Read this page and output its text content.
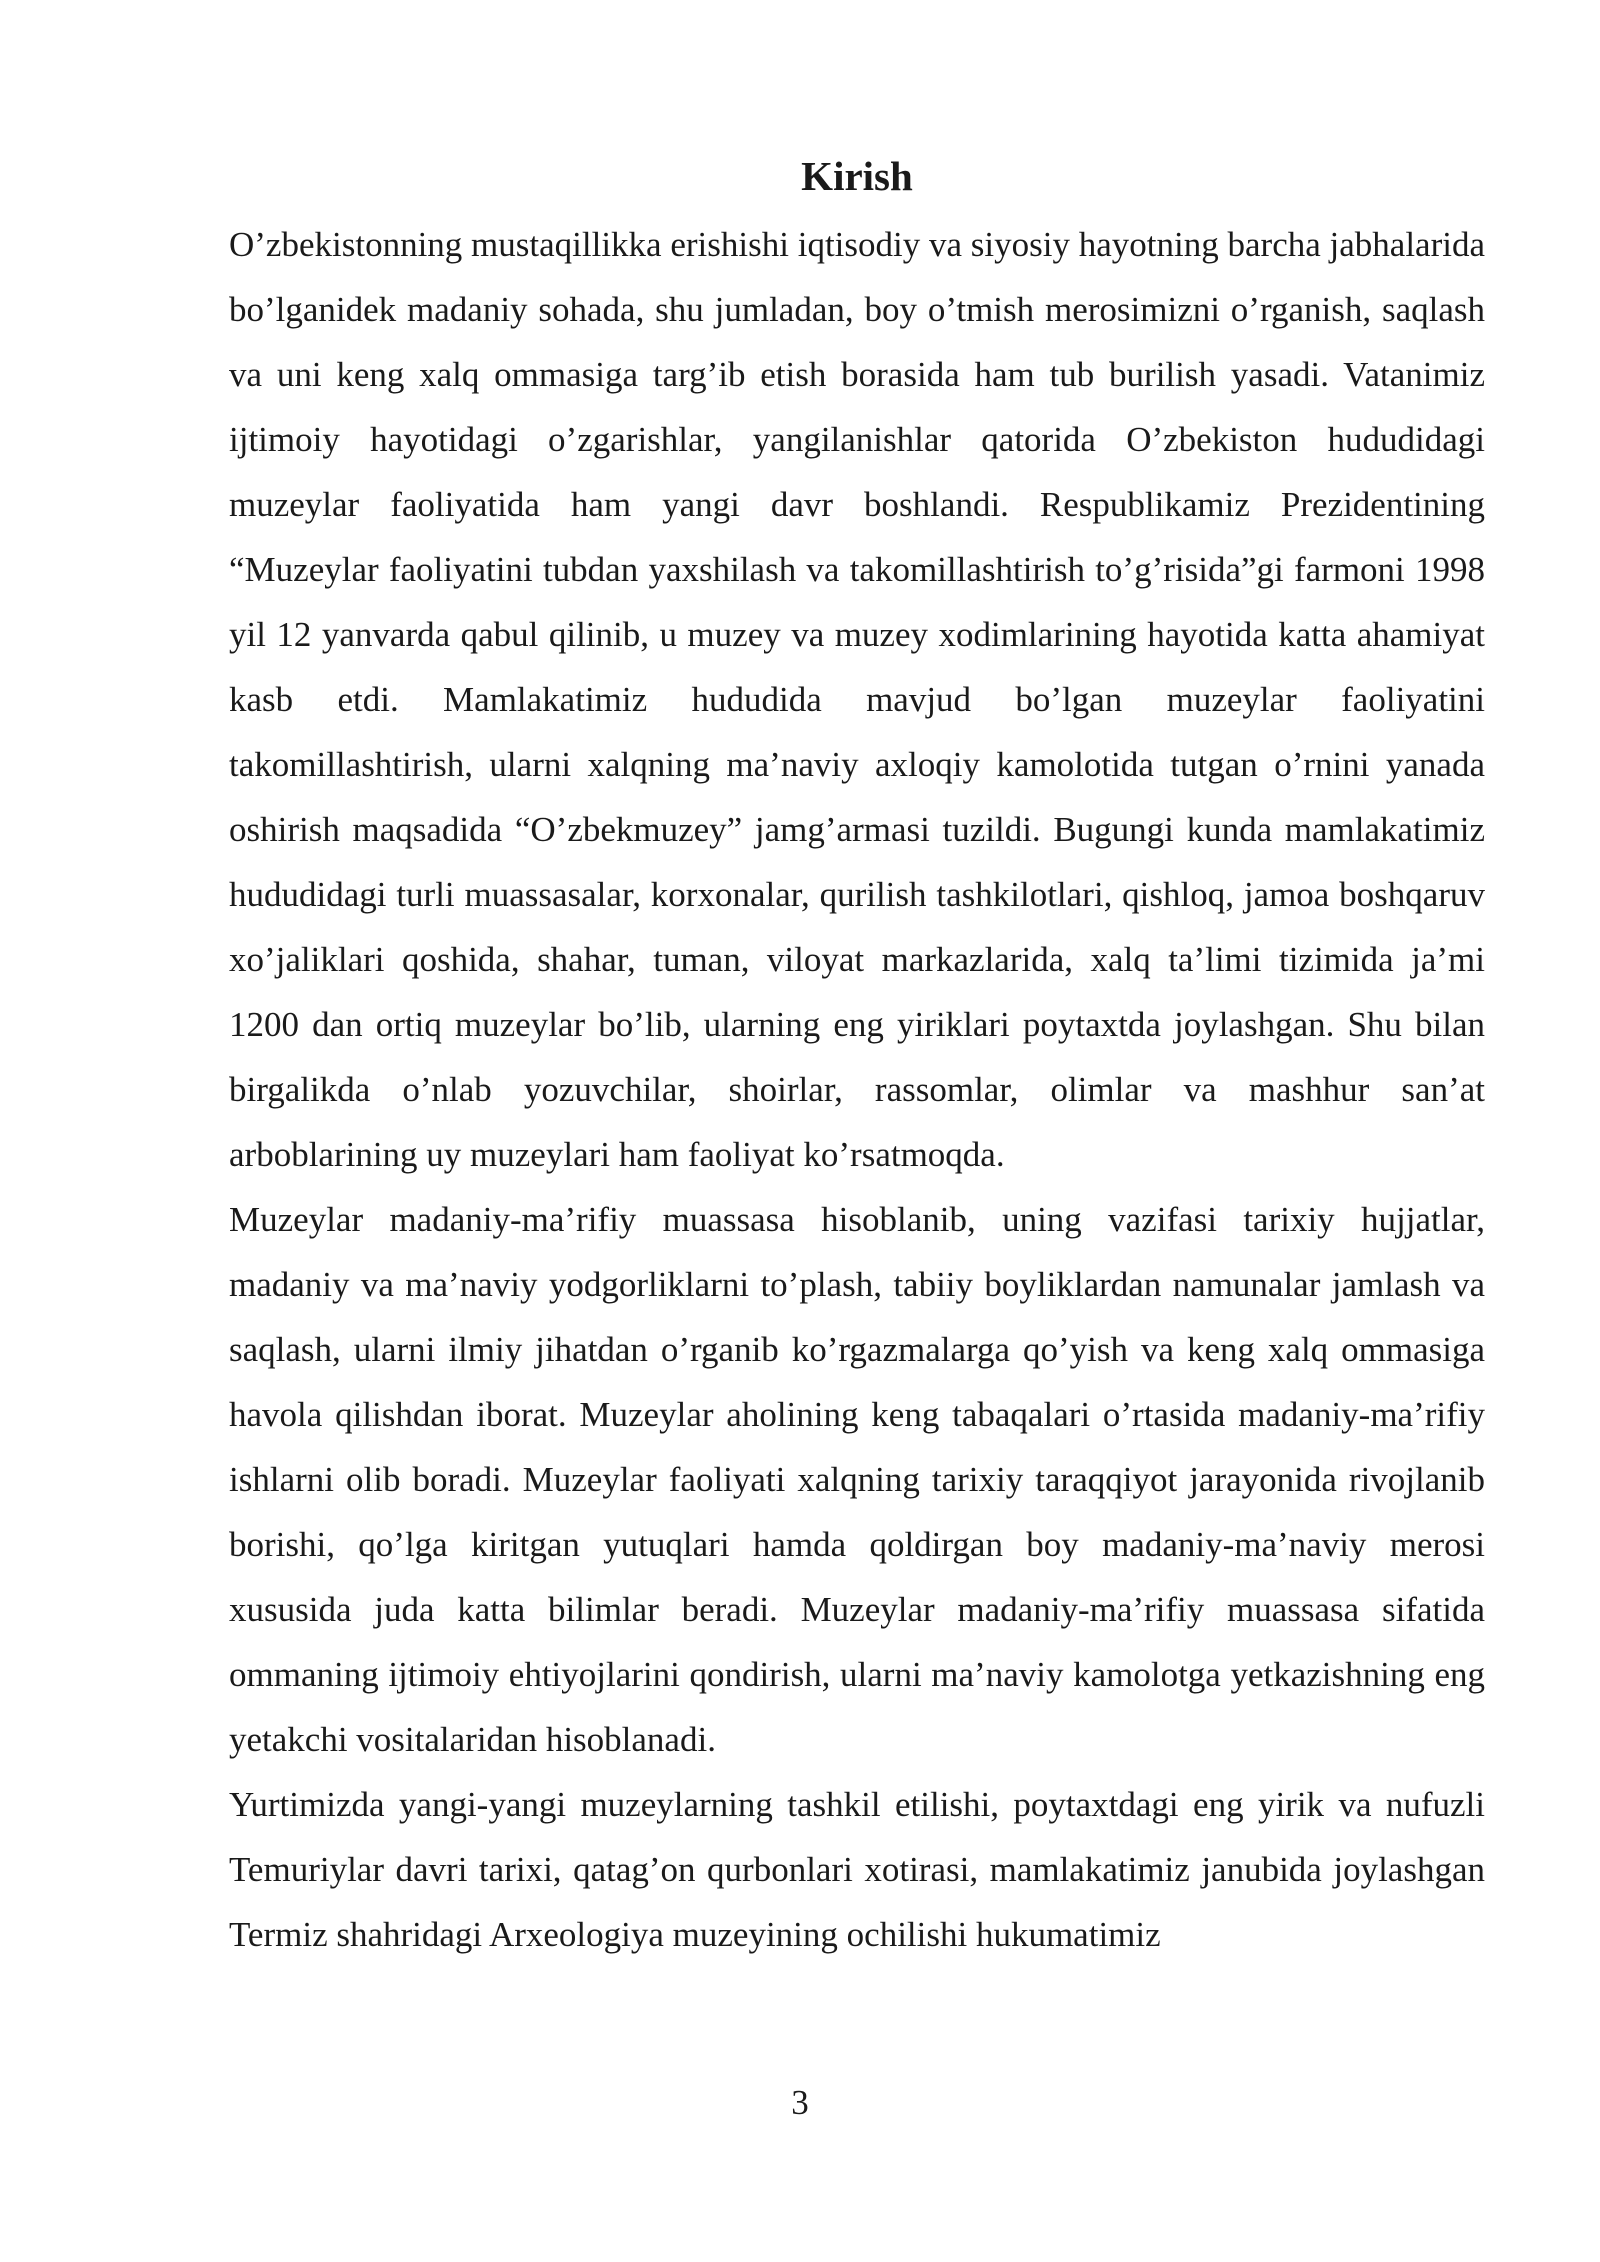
Kirish

O’zbekistonning mustaqillikka erishishi iqtisodiy va siyosiy hayotning barcha jabhalarida bo’lganidek madaniy sohada, shu jumladan, boy o’tmish merosimizni o’rganish, saqlash va uni keng xalq ommasiga targ’ib etish borasida ham tub burilish yasadi. Vatanimiz ijtimoiy hayotidagi o’zgarishlar, yangilanishlar qatorida O’zbekiston hududidagi muzeylar faoliyatida ham yangi davr boshlandi. Respublikamiz Prezidentining “Muzeylar faoliyatini tubdan yaxshilash va takomillashtirish to’g’risida”gi farmoni 1998 yil 12 yanvarda qabul qilinib, u muzey va muzey xodimlarining hayotida katta ahamiyat kasb etdi. Mamlakatimiz hududida mavjud bo’lgan muzeylar faoliyatini takomillashtirish, ularni xalqning ma’naviy axloqiy kamolotida tutgan o’rnini yanada oshirish maqsadida “O’zbekmuzey” jamg’armasi tuzildi. Bugungi kunda mamlakatimiz hududidagi turli muassasalar, korxonalar, qurilish tashkilotlari, qishloq, jamoa boshqaruv xo’jaliklari qoshida, shahar, tuman, viloyat markazlarida, xalq ta’limi tizimida ja’mi 1200 dan ortiq muzeylar bo’lib, ularning eng yiriklari poytaxtda joylashgan. Shu bilan birgalikda o’nlab yozuvchilar, shoirlar, rassomlar, olimlar va mashhur san’at arboblarining uy muzeylari ham faoliyat ko’rsatmoqda.

Muzeylar madaniy-ma’rifiy muassasa hisoblanib, uning vazifasi tarixiy hujjatlar, madaniy va ma’naviy yodgorliklarni to’plash, tabiiy boyliklardan namunalar jamlash va saqlash, ularni ilmiy jihatdan o’rganib ko’rgazmalarga qo’yish va keng xalq ommasiga havola qilishdan iborat. Muzeylar aholining keng tabaqalari o’rtasida madaniy-ma’rifiy ishlarni olib boradi. Muzeylar faoliyati xalqning tarixiy taraqqiyot jarayonida rivojlanib borishi, qo’lga kiritgan yutuqlari hamda qoldirgan boy madaniy-ma’naviy merosi xususida juda katta bilimlar beradi. Muzeylar madaniy-ma’rifiy muassasa sifatida ommaning ijtimoiy ehtiyojlarini qondirish, ularni ma’naviy kamolotga yetkazishning eng yetakchi vositalaridan hisoblanadi.

Yurtimizda yangi-yangi muzeylarning tashkil etilishi, poytaxtdagi eng yirik va nufuzli Temuriylar davri tarixi, qatag’on qurbonlari xotirasi, mamlakatimiz janubida joylashgan Termiz shahridagi Arxeologiya muzeyining ochilishi hukumatimiz

3
